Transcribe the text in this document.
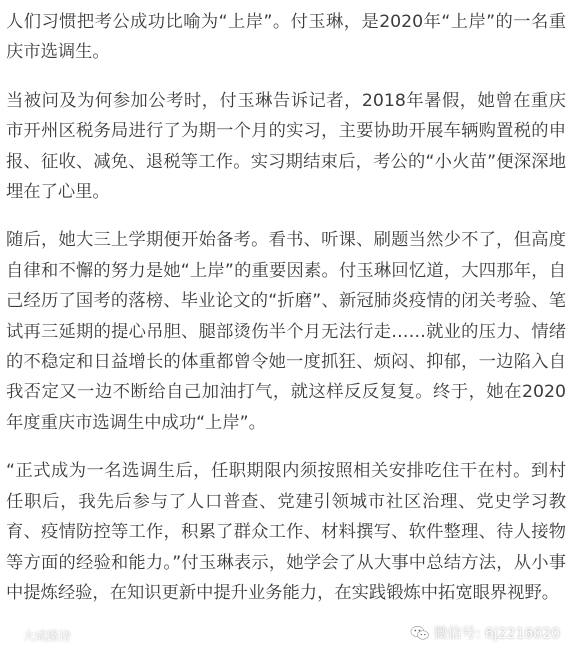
人们习惯把考公成功比喻为“上岸”。付玉琳，是2020年“上岸”的一名重庆市选调生。

当被问及为何参加公考时，付玉琳告诉记者，2018年暑假，她曾在重庆市开州区税务局进行了为期一个月的实习，主要协助开展车辆购置税的申报、征收、减免、退税等工作。实习期结束后，考公的“小火苗”便深深地埋在了心里。

随后，她大三上学期便开始备考。看书、听课、刷题当然少不了，但高度自律和不懈的努力是她“上岸”的重要因素。付玉琳回忆道，大四那年，自己经历了国考的落榜、毕业论文的“折磨”、新冠肺炎疫情的闭关考验、笔试再三延期的提心吊胆、腿部烫伤半个月无法行走……就业的压力、情绪的不稳定和日益增长的体重都曾令她一度抓狂、烦闷、抑郁，一边陷入自我否定又一边不断给自己加油打气，就这样反反复复。终于，她在2020年度重庆市选调生中成功“上岸”。

“正式成为一名选调生后，任职期限内须按照相关安排吃住干在村。到村任职后，我先后参与了人口普查、党建引领城市社区治理、党史学习教育、疫情防控等工作，积累了群众工作、材料撰写、软件整理、待人接物等方面的经验和能力。”付玉琳表示，她学会了从大事中总结方法，从小事中提炼经验，在知识更新中提升业务能力，在实践锻炼中拓宽眼界视野。

大成路诗	微信号: 6j2216020
